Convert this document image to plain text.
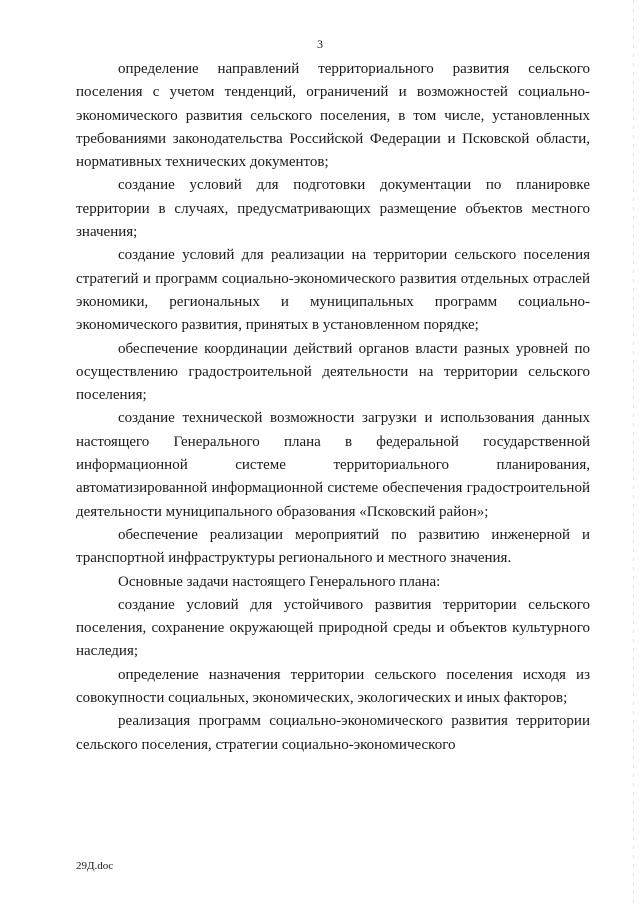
3

определение направлений территориального развития сельского поселения с учетом тенденций, ограничений и возможностей социально-экономического развития сельского поселения, в том числе, установленных требованиями законодательства Российской Федерации и Псковской области, нормативных технических документов;

создание условий для подготовки документации по планировке территории в случаях, предусматривающих размещение объектов местного значения;

создание условий для реализации на территории сельского поселения стратегий и программ социально-экономического развития отдельных отраслей экономики, региональных и муниципальных программ социально-экономического развития, принятых в установленном порядке;

обеспечение координации действий органов власти разных уровней по осуществлению градостроительной деятельности на территории сельского поселения;

создание технической возможности загрузки и использования данных настоящего Генерального плана в федеральной государственной информационной системе территориального планирования, автоматизированной информационной системе обеспечения градостроительной деятельности муниципального образования «Псковский район»;

обеспечение реализации мероприятий по развитию инженерной и транспортной инфраструктуры регионального и местного значения.

Основные задачи настоящего Генерального плана:

создание условий для устойчивого развития территории сельского поселения, сохранение окружающей природной среды и объектов культурного наследия;

определение назначения территории сельского поселения исходя из совокупности социальных, экономических, экологических и иных факторов;

реализация программ социально-экономического развития территории сельского поселения, стратегии социально-экономического

29Д.doc
